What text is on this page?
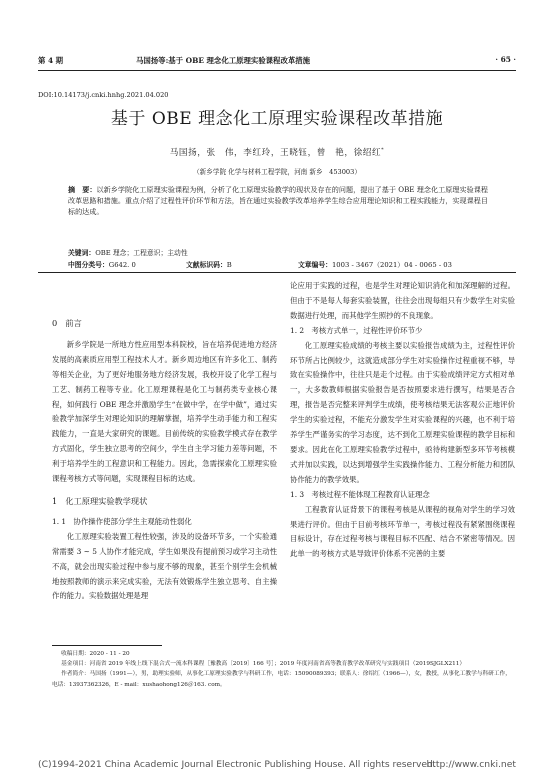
第 4 期	马国扬等:基于 OBE 理念化工原理实验课程改革措施	· 65 ·
DOI:10.14173/j.cnki.hnhg.2021.04.020
基于 OBE 理念化工原理实验课程改革措施
马国扬，张　伟，李红玲，王晓钰，曾　艳，徐绍红*
（新乡学院 化学与材料工程学院，河南 新乡　453003）

摘　要：以新乡学院化工原理实验课程为例，分析了化工原理实验教学的现状及存在的问题，提出了基于 OBE 理念化工原理实验课程改革思路和措施。重点介绍了过程性评价环节和方法，旨在通过实验教学改革培养学生综合应用理论知识和工程实践能力，实现课程目标的达成。

关键词：OBE 理念；工程意识；主动性
中图分类号：G642. 0	文献标识码：B	文章编号：1003 - 3467（2021）04 - 0065 - 03

0　前言

新乡学院是一所地方性应用型本科院校，旨在培养促进地方经济发展的高素质应用型工程技术人才。新乡周边地区有许多化工、制药等相关企业，为了更好地服务地方经济发展，我校开设了化学工程与工艺、制药工程等专业。化工原理课程是化工与制药类专业核心课程，如何践行 OBE 理念并激励学生“在做中学，在学中做”，通过实验教学加深学生对理论知识的理解掌握，培养学生动手能力和工程实践能力，一直是大家研究的课题。目前传统的实验教学模式存在教学方式固化，学生独立思考的空间少，学生自主学习能力差等问题，不利于培养学生的工程意识和工程能力。因此，急需探索化工原理实验课程考核方式等问题，实现课程目标的达成。

1　化工原理实验教学现状

1. 1　协作操作使部分学生主观能动性弱化

化工原理实验装置工程性较强，涉及的设备环节多，一个实验通常需要 3 ~ 5 人协作才能完成，学生如果没有提前预习或学习主动性不高，就会出现实验过程中参与度不够的现象，甚至个别学生会机械地按照教师的演示来完成实验，无法有效锻炼学生独立思考、自主操作的能力。实验数据处理是理

论应用于实践的过程，也是学生对理论知识消化和加深理解的过程。但由于不是每人每套实验装置，往往会出现每组只有少数学生对实验数据进行处理，而其他学生照抄的不良现象。

1. 2　考核方式单一，过程性评价环节少

化工原理实验成绩的考核主要以实验报告成绩为主，过程性评价环节所占比例较少，这就造成部分学生对实验操作过程重视不够，导致在实验操作中，往往只是走个过程。由于实验成绩评定方式相对单一，大多数教师根据实验报告是否按照要求进行撰写，结果是否合理，报告是否完整来评判学生成绩，使考核结果无法客观公正地评价学生的实验过程，不能充分激发学生对实验课程的兴趣，也不利于培养学生严谨务实的学习态度，达不到化工原理实验课程的教学目标和要求。因此在化工原理实验教学过程中，亟待构建新型多环节考核模式并加以实践，以达到增强学生实践操作能力、工程分析能力和团队协作能力的教学效果。

1. 3　考核过程不能体现工程教育认证理念

工程教育认证背景下的课程考核是从课程的视角对学生的学习效果进行评价。但由于目前考核环节单一，考核过程没有紧紧围绕课程目标设计，存在过程考核与课程目标不匹配、结合不紧密等情况。因此单一的考核方式是导致评价体系不完善的主要

收稿日期：2020 - 11 - 20

基金项目：河南省 2019 年线上线下混合式一流本科课程［豫教高〔2019〕166 号］；2019 年度河南省高等教育教学改革研究与实践项目（2019SJGLX211）

作者简介：马国扬（1991—），男，助理实验师，从事化工原理实验教学与科研工作，电话：15090089393；联系人：徐绍红（1966—），女，教授，从事化工教学与科研工作，电话：13937362326，E - mail：xushaohong126＠163. com。

(C)1994-2021 China Academic Journal Electronic Publishing House. All rights reserved.
http://www.cnki.net
